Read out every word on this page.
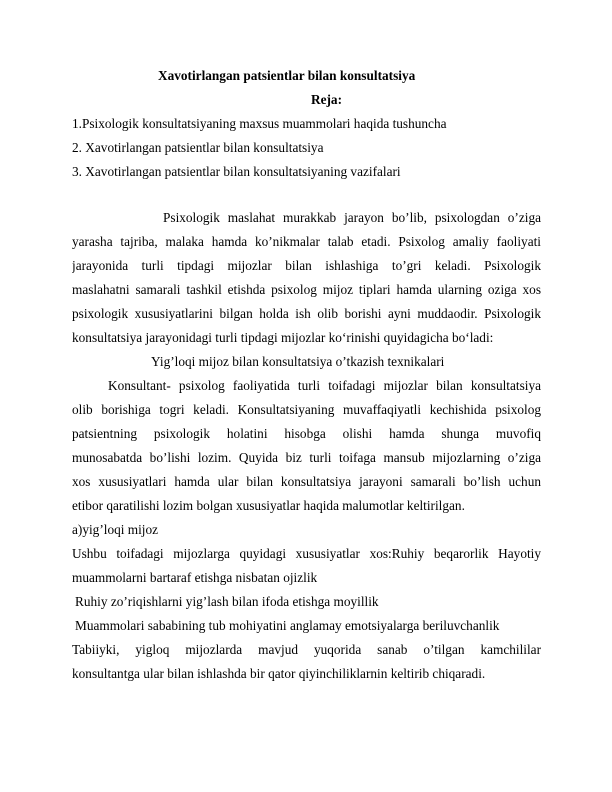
Xavotirlangan patsientlar bilan konsultatsiya
Reja:
1.Psixologik konsultatsiyaning maxsus muammolari haqida tushuncha
2. Xavotirlangan patsientlar bilan konsultatsiya
3. Xavotirlangan patsientlar bilan konsultatsiyaning vazifalari
Psixologik maslahat murakkab jarayon bo’lib, psixologdan o’ziga
yarasha tajriba, malaka hamda ko’nikmalar talab etadi. Psixolog amaliy faoliyati
jarayonida turli tipdagi mijozlar bilan ishlashiga to’gri keladi. Psixologik
maslahatni samarali tashkil etishda psixolog mijoz tiplari hamda ularning oziga xos
psixologik xususiyatlarini bilgan holda ish olib borishi ayni muddaodir. Psixologik
konsultatsiya jarayonidagi turli tipdagi mijozlar ko‘rinishi quyidagicha bo‘ladi:
Yig’loqi mijoz bilan konsultatsiya o’tkazish texnikalari
Konsultant- psixolog faoliyatida turli toifadagi mijozlar bilan konsultatsiya
olib borishiga togri keladi. Konsultatsiyaning muvaffaqiyatli kechishida psixolog
patsientning psixologik holatini hisobga olishi hamda shunga muvofiq
munosabatda bo’lishi lozim. Quyida biz turli toifaga mansub mijozlarning o’ziga
xos xususiyatlari hamda ular bilan konsultatsiya jarayoni samarali bo’lish uchun
etibor qaratilishi lozim bolgan xususiyatlar haqida malumotlar keltirilgan.
a)yig’loqi mijoz
Ushbu toifadagi mijozlarga quyidagi xususiyatlar xos:Ruhiy beqarorlik Hayotiy
muammolarni bartaraf etishga nisbatan ojizlik
Ruhiy zo’riqishlarni yig’lash bilan ifoda etishga moyillik
Muammolari sababining tub mohiyatini anglamay emotsiyalarga beriluvchanlik
Tabiiyki, yigloq mijozlarda mavjud yuqorida sanab o’tilgan kamchililar
konsultantga ular bilan ishlashda bir qator qiyinchiliklarnin keltirib chiqaradi.
